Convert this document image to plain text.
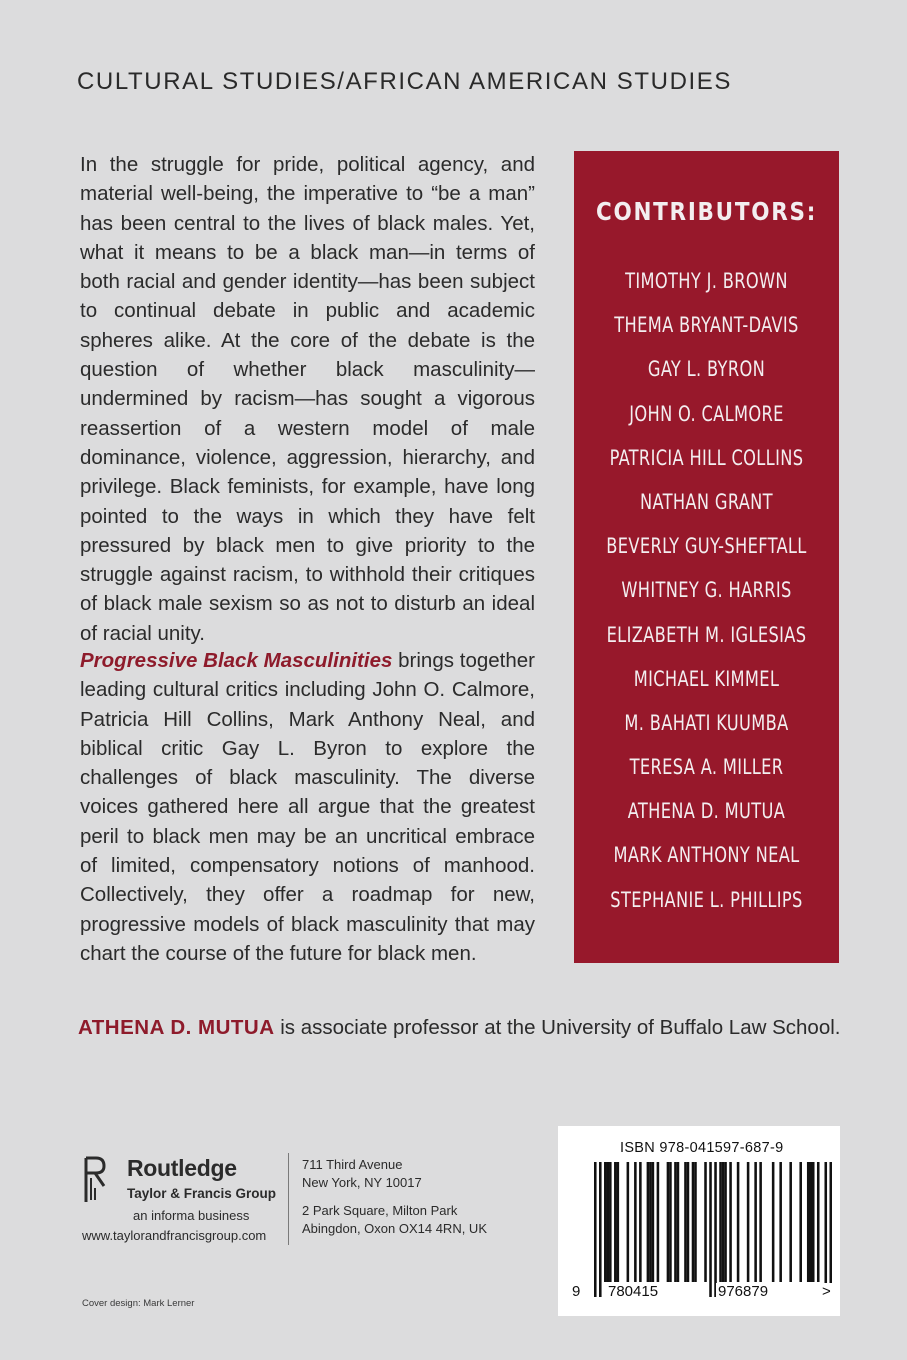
CULTURAL STUDIES/AFRICAN AMERICAN STUDIES

In the struggle for pride, political agency, and material well-being, the imperative to “be a man” has been central to the lives of black males. Yet, what it means to be a black man—in terms of both racial and gender identity—has been subject to continual debate in public and academic spheres alike. At the core of the debate is the question of whether black masculinity—undermined by racism—has sought a vigorous reassertion of a western model of male dominance, violence, aggression, hierarchy, and privilege. Black feminists, for example, have long pointed to the ways in which they have felt pressured by black men to give priority to the struggle against racism, to withhold their critiques of black male sexism so as not to disturb an ideal of racial unity.

Progressive Black Masculinities brings together leading cultural critics including John O. Calmore, Patricia Hill Collins, Mark Anthony Neal, and biblical critic Gay L. Byron to explore the challenges of black masculinity. The diverse voices gathered here all argue that the greatest peril to black men may be an uncritical embrace of limited, compensatory notions of manhood. Collectively, they offer a roadmap for new, progressive models of black masculinity that may chart the course of the future for black men.

CONTRIBUTORS:
TIMOTHY J. BROWN
THEMA BRYANT-DAVIS
GAY L. BYRON
JOHN O. CALMORE
PATRICIA HILL COLLINS
NATHAN GRANT
BEVERLY GUY-SHEFTALL
WHITNEY G. HARRIS
ELIZABETH M. IGLESIAS
MICHAEL KIMMEL
M. BAHATI KUUMBA
TERESA A. MILLER
ATHENA D. MUTUA
MARK ANTHONY NEAL
STEPHANIE L. PHILLIPS
ATHENA D. MUTUA is associate professor at the University of Buffalo Law School.
Routledge
Taylor & Francis Group
an informa business
www.taylorandfrancisgroup.com
711 Third Avenue
New York, NY 10017
2 Park Square, Milton Park
Abingdon, Oxon OX14 4RN, UK
Cover design: Mark Lerner
ISBN 978-041597-687-9
9 780415	976879	>
